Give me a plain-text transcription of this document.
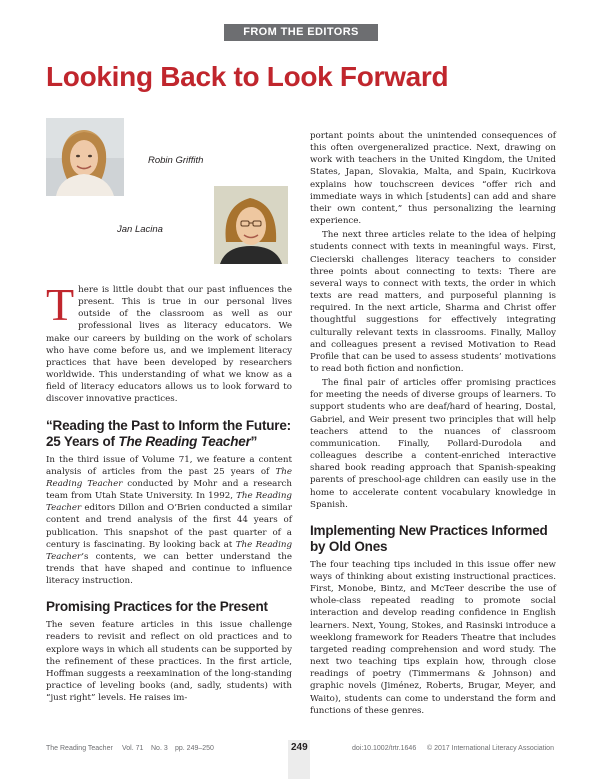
FROM THE EDITORS
Looking Back to Look Forward
Robin Griffith
Jan Lacina

There is little doubt that our past influences the present. This is true in our personal lives outside of the classroom as well as our professional lives as literacy educators. We make our careers by building on the work of scholars who have come before us, and we implement literacy practices that have been developed by researchers worldwide. This understanding of what we know as a field of literacy educators allows us to look forward to discover innovative practices.

“Reading the Past to Inform the Future: 25 Years of The Reading Teacher”

In the third issue of Volume 71, we feature a content analysis of articles from the past 25 years of The Reading Teacher conducted by Mohr and a research team from Utah State University. In 1992, The Reading Teacher editors Dillon and O’Brien conducted a similar content and trend analysis of the first 44 years of publication. This snapshot of the past quarter of a century is fascinating. By looking back at The Reading Teacher’s contents, we can better understand the trends that have shaped and continue to influence literacy instruction.

Promising Practices for the Present

The seven feature articles in this issue challenge readers to revisit and reflect on old practices and to explore ways in which all students can be supported by the refinement of these practices. In the first article, Hoffman suggests a reexamination of the long-standing practice of leveling books (and, sadly, students) with “just right” levels. He raises im-

portant points about the unintended consequences of this often overgeneralized practice. Next, drawing on work with teachers in the United Kingdom, the United States, Japan, Slovakia, Malta, and Spain, Kucirkova explains how touchscreen devices “offer rich and immediate ways in which [students] can add and share their own content,” thus personalizing the learning experience.

The next three articles relate to the idea of helping students connect with texts in meaningful ways. First, Ciecierski challenges literacy teachers to consider three points about connecting to texts: There are several ways to connect with texts, the order in which texts are read matters, and purposeful planning is required. In the next article, Sharma and Christ offer thoughtful suggestions for effectively integrating culturally relevant texts in classrooms. Finally, Malloy and colleagues present a revised Motivation to Read Profile that can be used to assess students’ motivations to read both fiction and nonfiction.

The final pair of articles offer promising practices for meeting the needs of diverse groups of learners. To support students who are deaf/hard of hearing, Dostal, Gabriel, and Weir present two principles that will help teachers attend to the nuances of classroom communication. Finally, Pollard-Durodola and colleagues describe a content-enriched interactive shared book reading approach that Spanish-speaking parents of preschool-age children can easily use in the home to accelerate content vocabulary knowledge in Spanish.

Implementing New Practices Informed by Old Ones

The four teaching tips included in this issue offer new ways of thinking about existing instructional practices. First, Monobe, Bintz, and McTeer describe the use of whole-class repeated reading to promote social interaction and develop reading confidence in English learners. Next, Young, Stokes, and Rasinski introduce a weeklong framework for Readers Theatre that includes targeted reading comprehension and word study. The next two teaching tips explain how, through close readings of poetry (Timmermans & Johnson) and graphic novels (Jiménez, Roberts, Brugar, Meyer, and Waito), students can come to understand the form and functions of these genres.

The Reading Teacher Vol. 71 No. 3 pp. 249–250	249	doi:10.1002/trtr.1646 © 2017 International Literacy Association
